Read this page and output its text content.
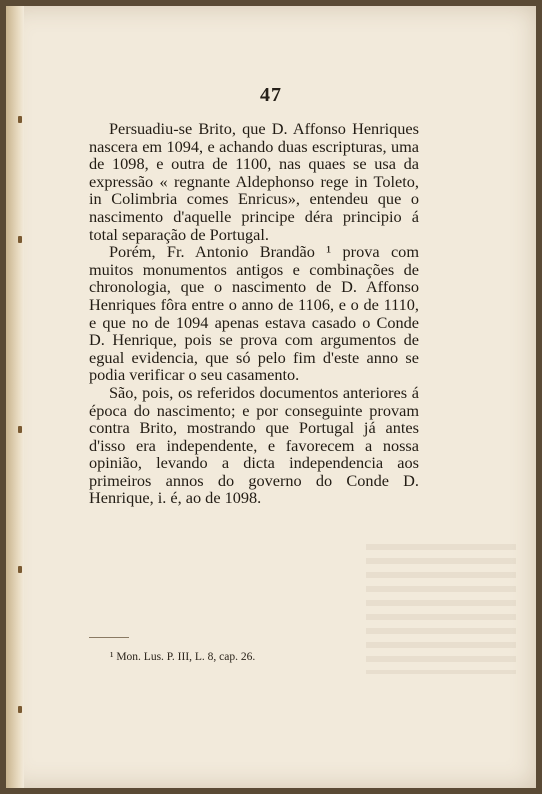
47

Persuadiu-se Brito, que D. Affonso Henriques nascera em 1094, e achando duas escripturas, uma de 1098, e outra de 1100, nas quaes se usa da expressão « regnante Aldephonso rege in Toleto, in Colimbria comes Enricus», entendeu que o nascimento d'aquelle principe déra principio á total separação de Portugal.

Porém, Fr. Antonio Brandão ¹ prova com muitos monumentos antigos e combinações de chronologia, que o nascimento de D. Affonso Henriques fôra entre o anno de 1106, e o de 1110, e que no de 1094 apenas estava casado o Conde D. Henrique, pois se prova com argumentos de egual evidencia, que só pelo fim d'este anno se podia verificar o seu casamento.

São, pois, os referidos documentos anteriores á época do nascimento; e por conseguinte provam contra Brito, mostrando que Portugal já antes d'isso era independente, e favorecem a nossa opinião, levando a dicta independencia aos primeiros annos do governo do Conde D. Henrique, i. é, ao de 1098.

¹ Mon. Lus. P. III, L. 8, cap. 26.
